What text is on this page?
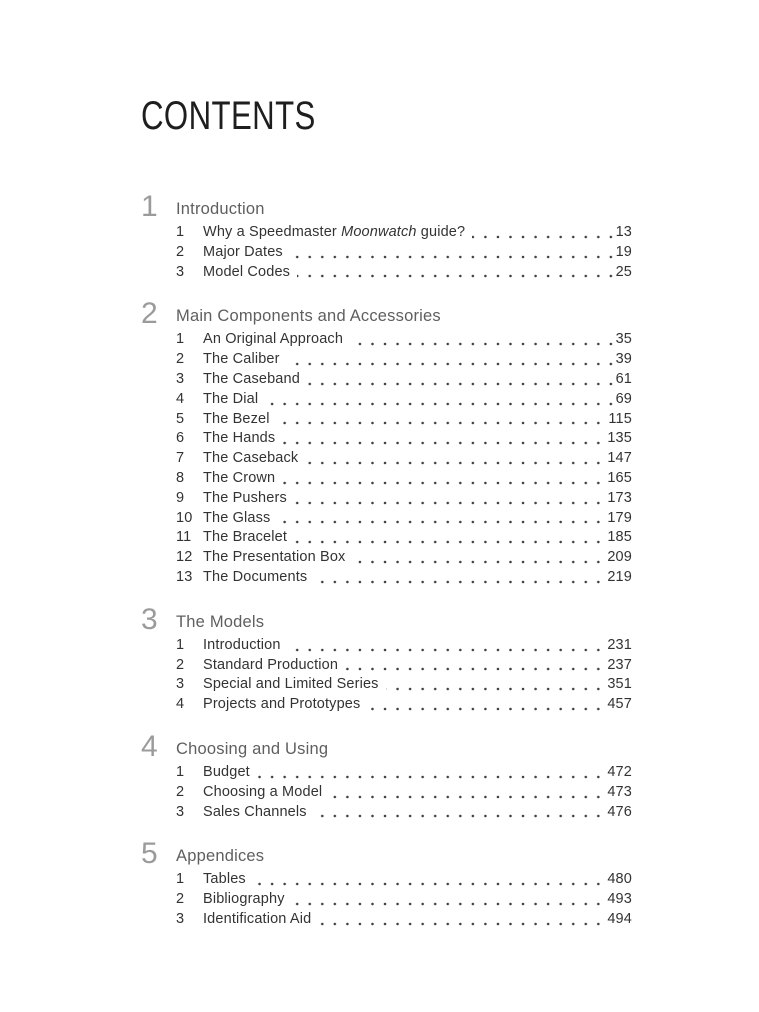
CONTENTS
1	Introduction
1	Why a Speedmaster Moonwatch guide?	13
2	Major Dates	19
3	Model Codes	25
2	Main Components and Accessories
1	An Original Approach	35
2	The Caliber	39
3	The Caseband	61
4	The Dial	69
5	The Bezel	115
6	The Hands	135
7	The Caseback	147
8	The Crown	165
9	The Pushers	173
10 The Glass	179
11 The Bracelet	185
12 The Presentation Box	209
13 The Documents	219
3	The Models
1	Introduction	231
2	Standard Production	237
3	Special and Limited Series	351
4	Projects and Prototypes	457
4	Choosing and Using
1	Budget	472
2	Choosing a Model	473
3	Sales Channels	476
5	Appendices
1	Tables	480
2	Bibliography	493
3	Identification Aid	494
